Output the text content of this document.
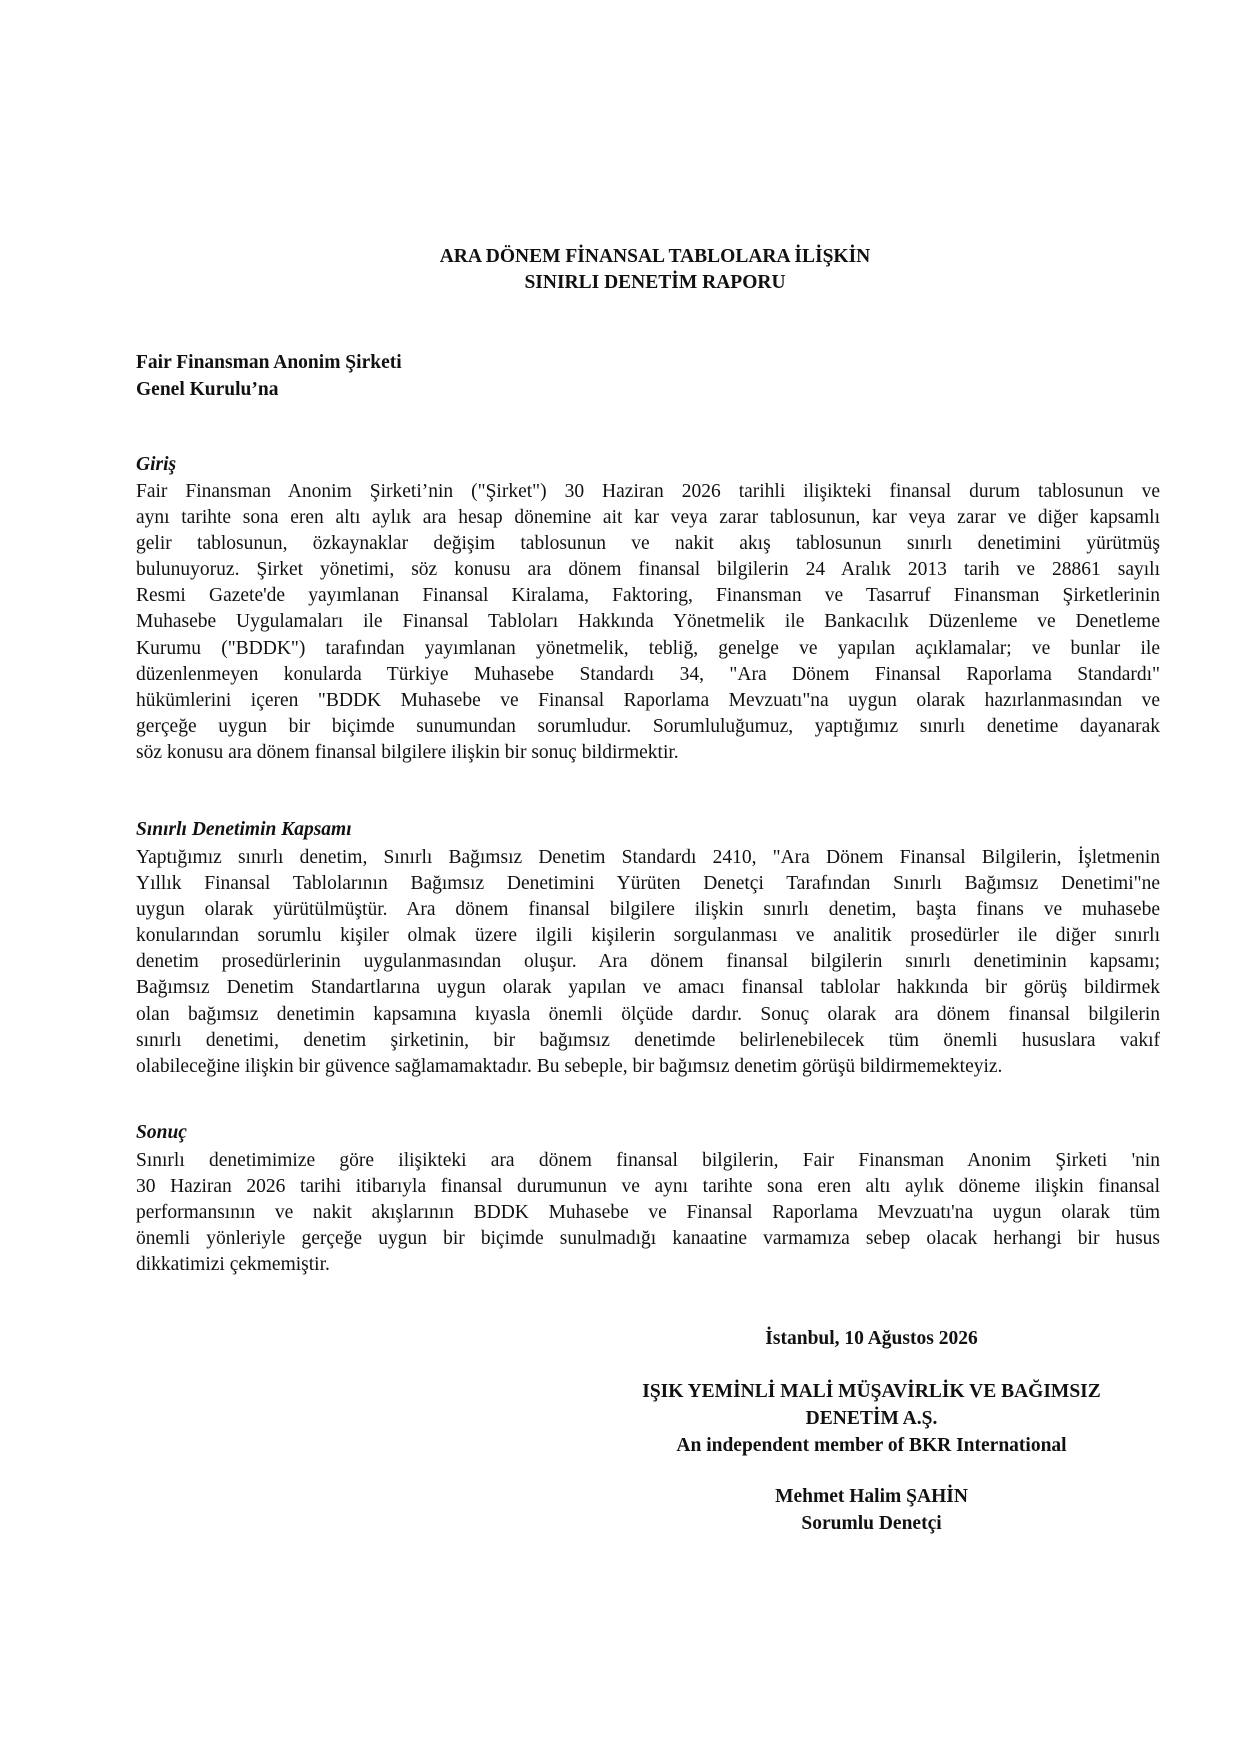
ARA DÖNEM FİNANSAL TABLOLARA İLİŞKİN
SINIRLI DENETİM RAPORU
Fair Finansman Anonim Şirketi
Genel Kurulu’na
Giriş
Fair Finansman Anonim Şirketi’nin ("Şirket") 30 Haziran 2026 tarihli ilişikteki finansal durum tablosunun ve
aynı tarihte sona eren altı aylık ara hesap dönemine ait kar veya zarar tablosunun, kar veya zarar ve diğer kapsamlı
gelir tablosunun, özkaynaklar değişim tablosunun ve nakit akış tablosunun sınırlı denetimini yürütmüş
bulunuyoruz. Şirket yönetimi, söz konusu ara dönem finansal bilgilerin 24 Aralık 2013 tarih ve 28861 sayılı
Resmi Gazete'de yayımlanan Finansal Kiralama, Faktoring, Finansman ve Tasarruf Finansman Şirketlerinin
Muhasebe Uygulamaları ile Finansal Tabloları Hakkında Yönetmelik ile Bankacılık Düzenleme ve Denetleme
Kurumu ("BDDK") tarafından yayımlanan yönetmelik, tebliğ, genelge ve yapılan açıklamalar; ve bunlar ile
düzenlenmeyen konularda Türkiye Muhasebe Standardı 34, "Ara Dönem Finansal Raporlama Standardı"
hükümlerini içeren "BDDK Muhasebe ve Finansal Raporlama Mevzuatı"na uygun olarak hazırlanmasından ve
gerçeğe uygun bir biçimde sunumundan sorumludur. Sorumluluğumuz, yaptığımız sınırlı denetime dayanarak
söz konusu ara dönem finansal bilgilere ilişkin bir sonuç bildirmektir.
Sınırlı Denetimin Kapsamı
Yaptığımız sınırlı denetim, Sınırlı Bağımsız Denetim Standardı 2410, "Ara Dönem Finansal Bilgilerin, İşletmenin
Yıllık Finansal Tablolarının Bağımsız Denetimini Yürüten Denetçi Tarafından Sınırlı Bağımsız Denetimi"ne
uygun olarak yürütülmüştür. Ara dönem finansal bilgilere ilişkin sınırlı denetim, başta finans ve muhasebe
konularından sorumlu kişiler olmak üzere ilgili kişilerin sorgulanması ve analitik prosedürler ile diğer sınırlı
denetim prosedürlerinin uygulanmasından oluşur. Ara dönem finansal bilgilerin sınırlı denetiminin kapsamı;
Bağımsız Denetim Standartlarına uygun olarak yapılan ve amacı finansal tablolar hakkında bir görüş bildirmek
olan bağımsız denetimin kapsamına kıyasla önemli ölçüde dardır. Sonuç olarak ara dönem finansal bilgilerin
sınırlı denetimi, denetim şirketinin, bir bağımsız denetimde belirlenebilecek tüm önemli hususlara vakıf
olabileceğine ilişkin bir güvence sağlamamaktadır. Bu sebeple, bir bağımsız denetim görüşü bildirmemekteyiz.
Sonuç
Sınırlı denetimimize göre ilişikteki ara dönem finansal bilgilerin, Fair Finansman Anonim Şirketi 'nin
30 Haziran 2026 tarihi itibarıyla finansal durumunun ve aynı tarihte sona eren altı aylık döneme ilişkin finansal
performansının ve nakit akışlarının BDDK Muhasebe ve Finansal Raporlama Mevzuatı'na uygun olarak tüm
önemli yönleriyle gerçeğe uygun bir biçimde sunulmadığı kanaatine varmamıza sebep olacak herhangi bir husus
dikkatimizi çekmemiştir.
İstanbul, 10 Ağustos 2026
IŞIK YEMİNLİ MALİ MÜŞAVİRLİK VE BAĞIMSIZ
DENETİM A.Ş.
An independent member of BKR International
Mehmet Halim ŞAHİN
Sorumlu Denetçi
